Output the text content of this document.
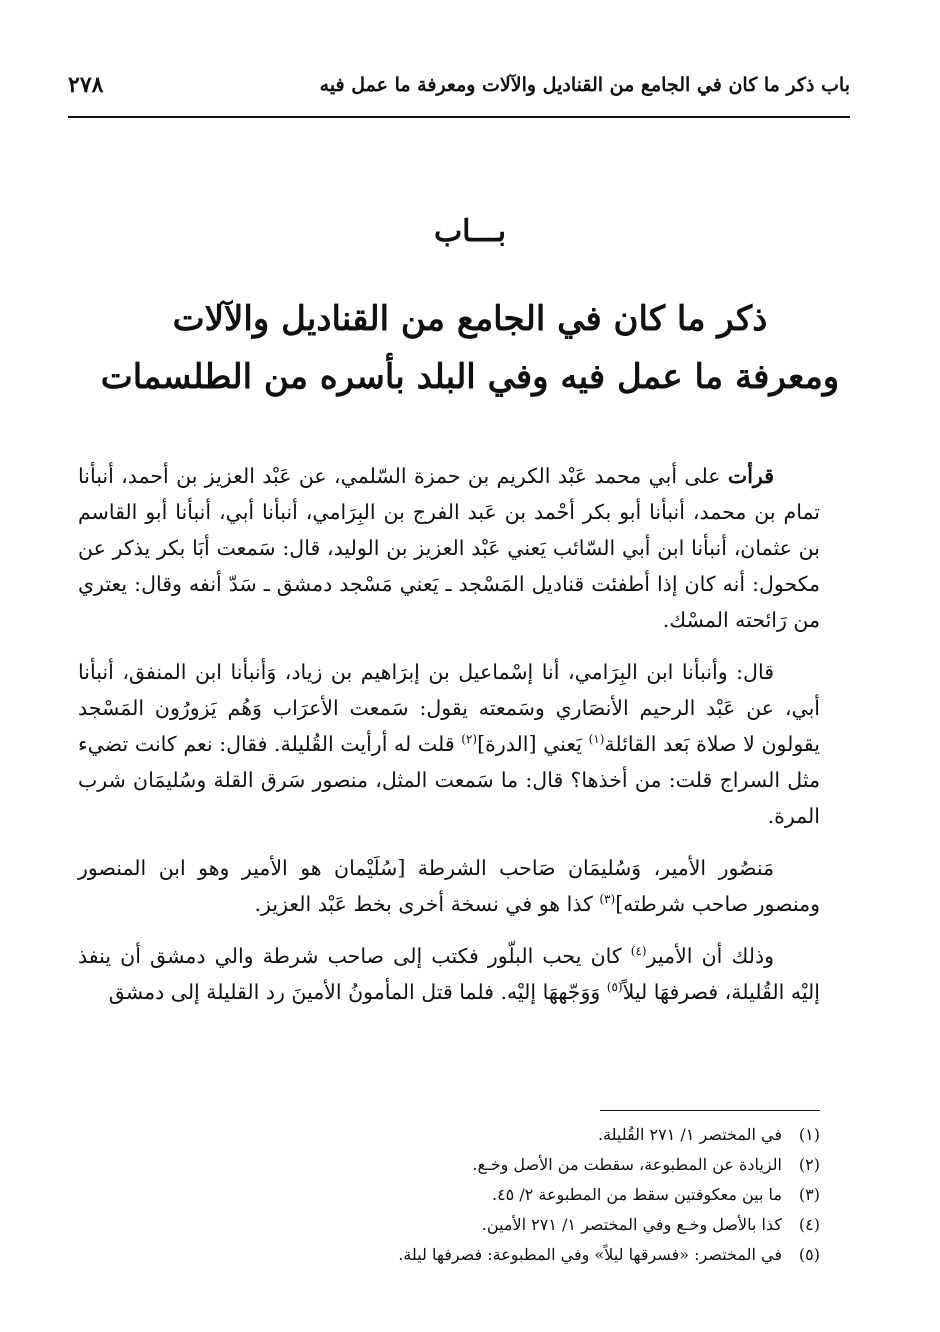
باب ذكر ما كان في الجامع من القناديل والآلات ومعرفة ما عمل فيه
٢٧٨
بـــاب
ذكر ما كان في الجامع من القناديل والآلات
ومعرفة ما عمل فيه وفي البلد بأسره من الطلسمات

قرأت على أبي محمد عَبْد الكريم بن حمزة السّلمي، عن عَبْد العزيز بن أحمد، أنبأنا تمام بن محمد، أنبأنا أبو بكر أحْمد بن عَبد الفرج بن البِرَامي، أنبأنا أبي، أنبأنا أبو القاسم بن عثمان، أنبأنا ابن أبي السّائب يَعني عَبْد العزيز بن الوليد، قال: سَمعت أبَا بكر يذكر عن مكحول: أنه كان إذا أطفئت قناديل المَسْجد ـ يَعني مَسْجد دمشق ـ سَدّ أنفه وقال: يعتري من رَائحته المسْك.

قال: وأنبأنا ابن البِرَامي، أنا إسْماعيل بن إبرَاهيم بن زياد، وَأنبأنا ابن المنفق، أنبأنا أبي، عن عَبْد الرحيم الأنصَاري وسَمعته يقول: سَمعت الأعرَاب وَهُم يَزورُون المَسْجد يقولون لا صلاة بَعد القائلة$^{(١)}$ يَعني [الدرة]$^{(٢)}$ قلت له أرأيت القُليلة. فقال: نعم كانت تضيء مثل السراج قلت: من أخذها؟ قال: ما سَمعت المثل، منصور سَرق القلة وسُليمَان شرب المرة.

مَنصُور الأمير، وَسُليمَان صَاحب الشرطة [سُلَيْمان هو الأمير وهو ابن المنصور ومنصور صاحب شرطته]$^{(٣)}$ كذا هو في نسخة أخرى بخط عَبْد العزيز.

وذلك أن الأمير$^{(٤)}$ كان يحب البلّور فكتب إلى صاحب شرطة والي دمشق أن ينفذ إليْه القُليلة، فصرفهَا ليلاً$^{(٥)}$ وَوَجّههَا إليْه. فلما قتل المأمونُ الأمينَ رد القليلة إلى دمشق

(١)
في المختصر ١/ ٢٧١ القُليلة.
(٢)
الزيادة عن المطبوعة، سقطت من الأصل وخـع.
(٣)
ما بين معكوفتين سقط من المطبوعة ٢/ ٤٥.
(٤)
كذا بالأصل وخـع وفي المختصر ١/ ٢٧١ الأمين.
(٥)
في المختصر: «فسرقها ليلاً» وفي المطبوعة: فصرفها ليلة.
